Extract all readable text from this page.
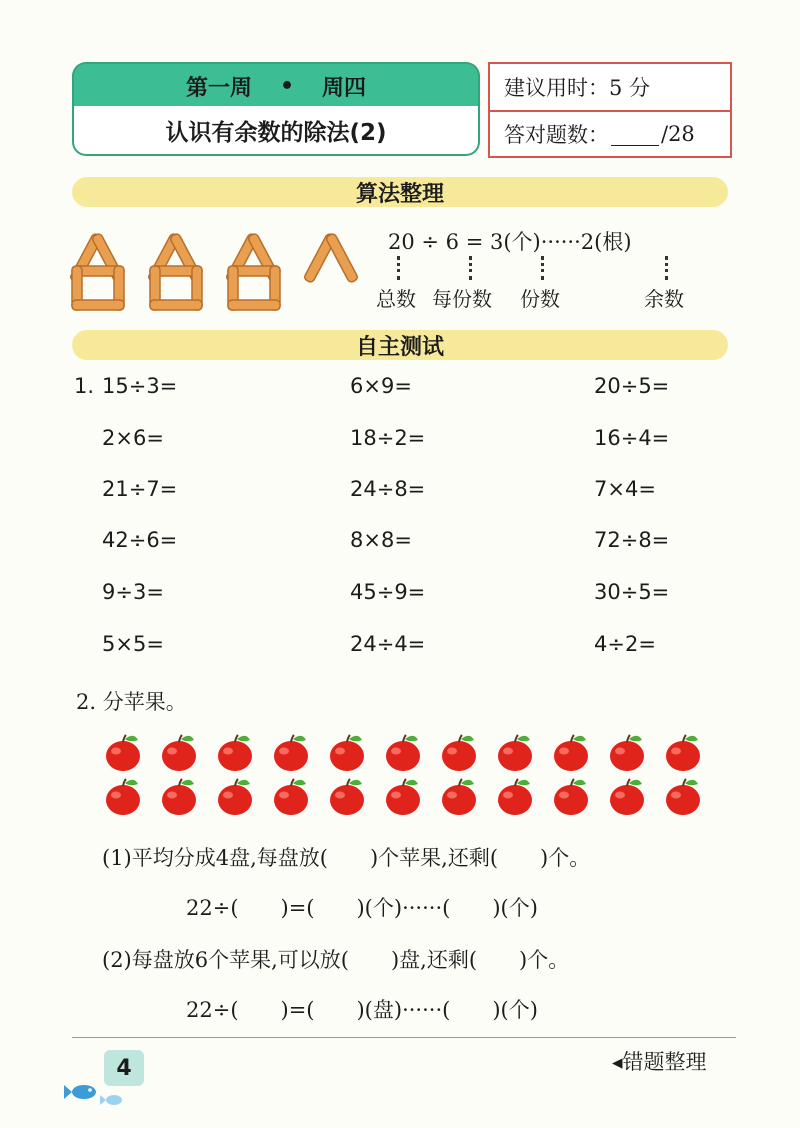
第一周 • 周四
认识有余数的除法(2)
建议用时：5 分
答对题数： /28
算法整理
20 ÷ 6 = 3(个)······2(根)
总数 每份数 份数	余数
自主测试
1. 15÷3=	6×9=	20÷5=
2×6=	18÷2=	16÷4=
21÷7=	24÷8=	7×4=
42÷6=	8×8=	72÷8=
9÷3=	45÷9=	30÷5=
5×5=	24÷4=	4÷2=
2. 分苹果。
(1)平均分成4盘,每盘放(　　)个苹果,还剩(　　)个。
22÷(　　)=(　　)(个)······(　　)(个)
(2)每盘放6个苹果,可以放(　　)盘,还剩(　　)个。
22÷(　　)=(　　)(盘)······(　　)(个)
4	◂错题整理
